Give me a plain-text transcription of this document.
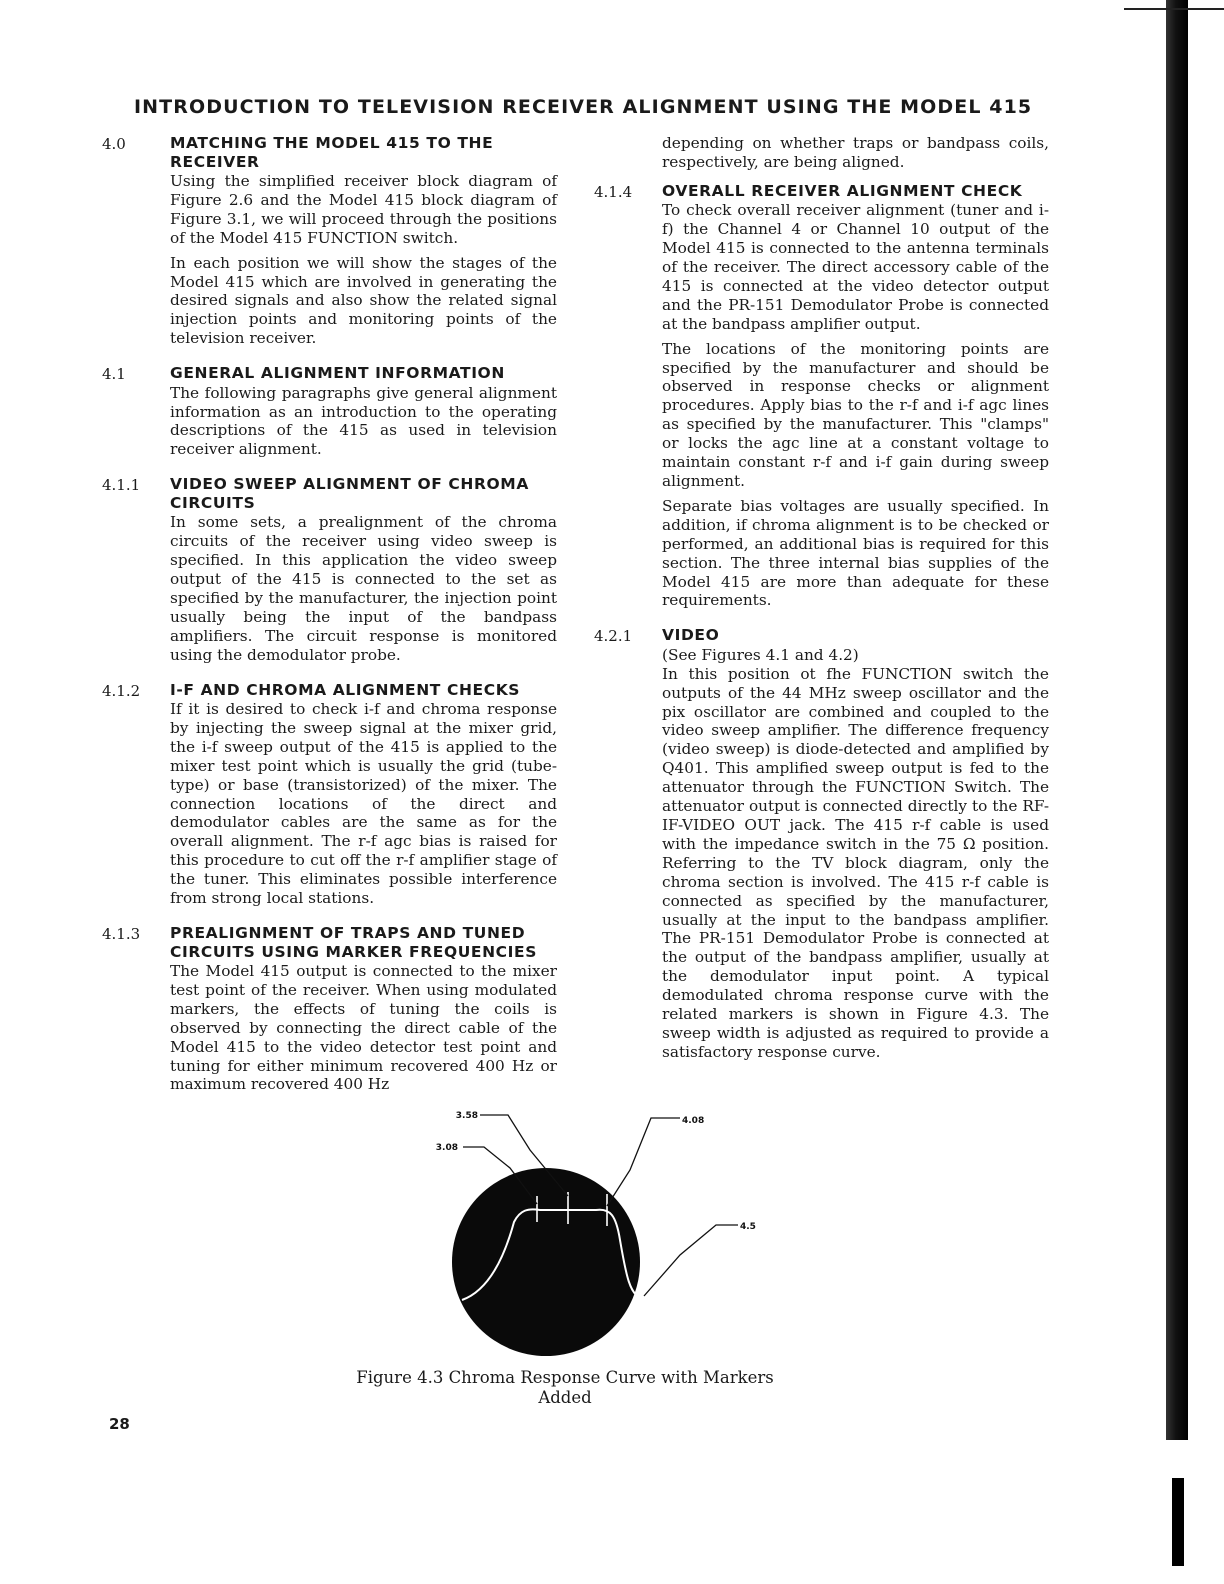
INTRODUCTION TO TELEVISION RECEIVER ALIGNMENT USING THE MODEL 415
4.0	MATCHING THE MODEL 415 TO THE RECEIVER

Using the simplified receiver block diagram of Figure 2.6 and the Model 415 block diagram of Figure 3.1, we will proceed through the positions of the Model 415 FUNCTION switch.

In each position we will show the stages of the Model 415 which are involved in generating the desired signals and also show the related signal injection points and monitoring points of the television receiver.

4.1	GENERAL ALIGNMENT INFORMATION

The following paragraphs give general alignment information as an introduction to the operating descriptions of the 415 as used in television receiver alignment.

4.1.1	VIDEO SWEEP ALIGNMENT OF CHROMA CIRCUITS

In some sets, a prealignment of the chroma circuits of the receiver using video sweep is specified. In this application the video sweep output of the 415 is connected to the set as specified by the manufacturer, the injection point usually being the input of the bandpass amplifiers. The circuit response is monitored using the demodulator probe.

4.1.2	I-F AND CHROMA ALIGNMENT CHECKS

If it is desired to check i-f and chroma response by injecting the sweep signal at the mixer grid, the i-f sweep output of the 415 is applied to the mixer test point which is usually the grid (tube-type) or base (transistorized) of the mixer. The connection locations of the direct and demodulator cables are the same as for the overall alignment. The r-f agc bias is raised for this procedure to cut off the r-f amplifier stage of the tuner. This eliminates possible interference from strong local stations.

4.1.3	PREALIGNMENT OF TRAPS AND TUNED CIRCUITS USING MARKER FREQUENCIES

The Model 415 output is connected to the mixer test point of the receiver. When using modulated markers, the effects of tuning the coils is observed by connecting the direct cable of the Model 415 to the video detector test point and tuning for either minimum recovered 400 Hz or maximum recovered 400 Hz

depending on whether traps or bandpass coils, respectively, are being aligned.

4.1.4	OVERALL RECEIVER ALIGNMENT CHECK

To check overall receiver alignment (tuner and i-f) the Channel 4 or Channel 10 output of the Model 415 is connected to the antenna terminals of the receiver. The direct accessory cable of the 415 is connected at the video detector output and the PR-151 Demodulator Probe is connected at the bandpass amplifier output.

The locations of the monitoring points are specified by the manufacturer and should be observed in response checks or alignment procedures. Apply bias to the r-f and i-f agc lines as specified by the manufacturer. This "clamps" or locks the agc line at a constant voltage to maintain constant r-f and i-f gain during sweep alignment.

Separate bias voltages are usually specified. In addition, if chroma alignment is to be checked or performed, an additional bias is required for this section. The three internal bias supplies of the Model 415 are more than adequate for these requirements.

4.2.1	VIDEO

(See Figures 4.1 and 4.2)

In this position ot fhe FUNCTION switch the outputs of the 44 MHz sweep oscillator and the pix oscillator are combined and coupled to the video sweep amplifier. The difference frequency (video sweep) is diode-detected and amplified by Q401. This amplified sweep output is fed to the attenuator through the FUNCTION Switch. The attenuator output is connected directly to the RF-IF-VIDEO OUT jack. The 415 r-f cable is used with the impedance switch in the 75 Ω position. Referring to the TV block diagram, only the chroma section is involved. The 415 r-f cable is connected as specified by the manufacturer, usually at the input to the bandpass amplifier. The PR-151 Demodulator Probe is connected at the output of the bandpass amplifier, usually at the demodulator input point. A typical demodulated chroma response curve with the related markers is shown in Figure 4.3. The sweep width is adjusted as required to provide a satisfactory response curve.

3.58
3.08
4.08
4.5
Figure 4.3 Chroma Response Curve with Markers Added
28
